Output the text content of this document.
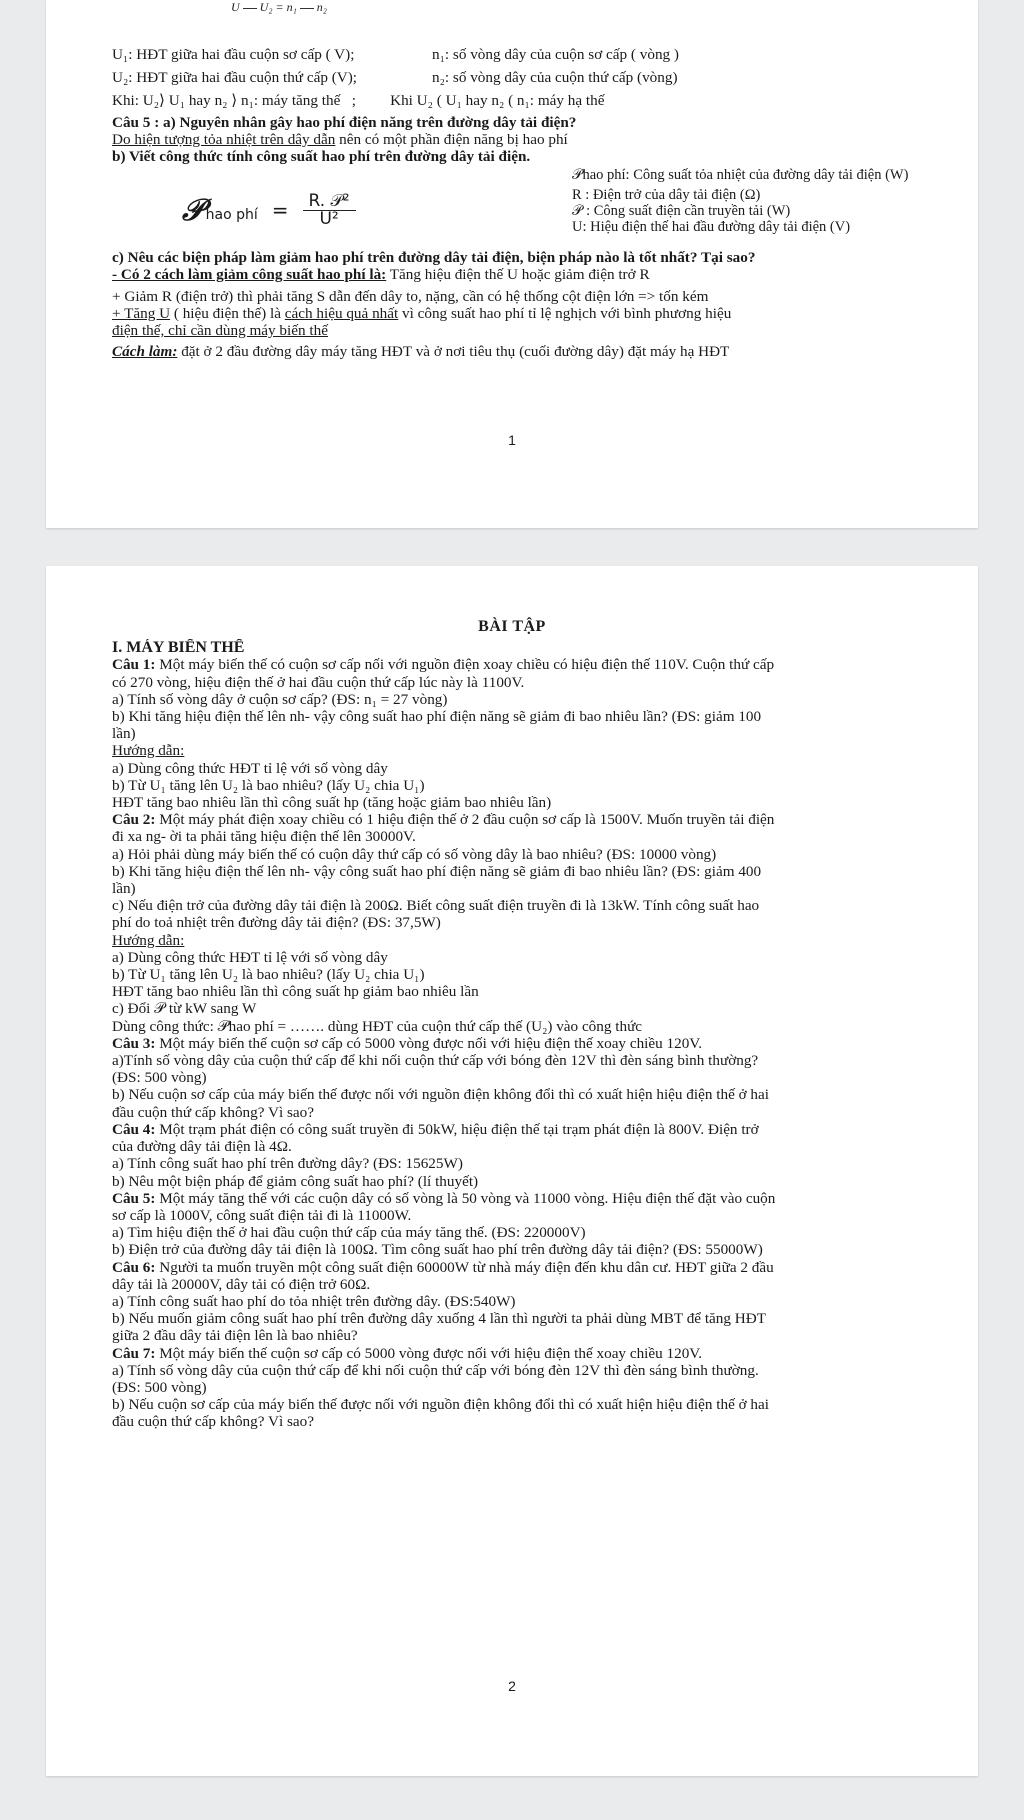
U U₂ = n₁ n₂
U₁: HĐT giữa hai đầu cuộn sơ cấp ( V);	n₁: số vòng dây của cuộn sơ cấp ( vòng )
U₂: HĐT giữa hai đầu cuộn thứ cấp (V);	n₂: số vòng dây của cuộn thứ cấp (vòng)
Khi: U₂⟩ U₁ hay n₂ ⟩ n₁: máy tăng thế   ;         Khi U₂ ( U₁ hay n₂ ( n₁: máy hạ thế
Câu 5 : a) Nguyên nhân gây hao phí điện năng trên đường dây tải điện?
Do hiện tượng tỏa nhiệt trên dây dẫn nên có một phần điện năng bị hao phí
b) Viết công thức tính công suất hao phí trên đường dây tải điện.
𝒫 hao phí = $\frac{\text{R. 𝒫²}}{\text{U²}}$
𝒫hao phí: Công suất tỏa nhiệt của đường dây tải điện (W)
R : Điện trở của dây tải điện (Ω)
𝒫 : Công suất điện cần truyền tải (W)
U: Hiệu điện thế hai đầu đường dây tải điện (V)
c) Nêu các biện pháp làm giảm hao phí trên đường dây tải điện, biện pháp nào là tốt nhất? Tại sao?
- Có 2 cách làm giảm công suất hao phí là: Tăng hiệu điện thế U hoặc giảm điện trở R
+ Giảm R (điện trở) thì phải tăng S dẫn đến dây to, nặng, cần có hệ thống cột điện lớn => tốn kém
+ Tăng U ( hiệu điện thế) là cách hiệu quả nhất vì công suất hao phí tỉ lệ nghịch với bình phương hiệu
điện thế, chỉ cần dùng máy biến thế
Cách làm: đặt ở 2 đầu đường dây máy tăng HĐT và ở nơi tiêu thụ (cuối đường dây) đặt máy hạ HĐT
1
BÀI TẬP
I. MÁY BIẾN THẾ
Câu 1: Một máy biến thế có cuộn sơ cấp nối với nguồn điện xoay chiều có hiệu điện thế 110V. Cuộn thứ cấp
có 270 vòng, hiệu điện thế ở hai đầu cuộn thứ cấp lúc này là 1100V.
a) Tính số vòng dây ở cuộn sơ cấp? (ĐS: n₁ = 27 vòng)
b) Khi tăng hiệu điện thế lên nh- vậy công suất hao phí điện năng sẽ giảm đi bao nhiêu lần? (ĐS: giảm 100
lần)
Hướng dẫn:
a) Dùng công thức HĐT tỉ lệ với số vòng dây
b) Từ U₁ tăng lên U₂ là bao nhiêu? (lấy U₂ chia U₁)
HĐT tăng bao nhiêu lần thì công suất hp (tăng hoặc giảm bao nhiêu lần)
Câu 2: Một máy phát điện xoay chiều có 1 hiệu điện thế ở 2 đầu cuộn sơ cấp là 1500V. Muốn truyền tải điện
đi xa ng- ời ta phải tăng hiệu điện thế lên 30000V.
a) Hỏi phải dùng máy biến thế có cuộn dây thứ cấp có số vòng dây là bao nhiêu? (ĐS: 10000 vòng)
b) Khi tăng hiệu điện thế lên nh- vậy công suất hao phí điện năng sẽ giảm đi bao nhiêu lần? (ĐS: giảm 400
lần)
c) Nếu điện trở của đường dây tải điện là 200Ω. Biết công suất điện truyền đi là 13kW. Tính công suất hao
phí do toả nhiệt trên đường dây tải điện? (ĐS: 37,5W)
Hướng dẫn:
a) Dùng công thức HĐT tỉ lệ với số vòng dây
b) Từ U₁ tăng lên U₂ là bao nhiêu? (lấy U₂ chia U₁)
HĐT tăng bao nhiêu lần thì công suất hp giảm bao nhiêu lần
c) Đổi 𝒫 từ kW sang W
Dùng công thức: 𝒫hao phí = ……. dùng HĐT của cuộn thứ cấp thế (U₂) vào công thức
Câu 3: Một máy biến thế cuộn sơ cấp có 5000 vòng được nối với hiệu điện thế xoay chiều 120V.
a)Tính số vòng dây của cuộn thứ cấp để khi nối cuộn thứ cấp với bóng đèn 12V thì đèn sáng bình thường?
(ĐS: 500 vòng)
b) Nếu cuộn sơ cấp của máy biến thế được nối với nguồn điện không đổi thì có xuất hiện hiệu điện thế ở hai
đầu cuộn thứ cấp không? Vì sao?
Câu 4: Một trạm phát điện có công suất truyền đi 50kW, hiệu điện thế tại trạm phát điện là 800V. Điện trở
của đường dây tải điện là 4Ω.
a) Tính công suất hao phí trên đường dây? (ĐS: 15625W)
b) Nêu một biện pháp để giảm công suất hao phí? (lí thuyết)
Câu 5: Một máy tăng thế với các cuộn dây có số vòng là 50 vòng và 11000 vòng. Hiệu điện thế đặt vào cuộn
sơ cấp là 1000V, công suất điện tải đi là 11000W.
a) Tìm hiệu điện thế ở hai đầu cuộn thứ cấp của máy tăng thế. (ĐS: 220000V)
b) Điện trở của đường dây tải điện là 100Ω. Tìm công suất hao phí trên đường dây tải điện? (ĐS: 55000W)
Câu 6: Người ta muốn truyền một công suất điện 60000W từ nhà máy điện đến khu dân cư. HĐT giữa 2 đầu
dây tải là 20000V, dây tải có điện trở 60Ω.
a) Tính công suất hao phí do tỏa nhiệt trên đường dây. (ĐS:540W)
b) Nếu muốn giảm công suất hao phí trên đường dây xuống 4 lần thì người ta phải dùng MBT để tăng HĐT
giữa 2 đầu dây tải điện lên là bao nhiêu?
Câu 7: Một máy biến thế cuộn sơ cấp có 5000 vòng được nối với hiệu điện thế xoay chiều 120V.
a) Tính số vòng dây của cuộn thứ cấp để khi nối cuộn thứ cấp với bóng đèn 12V thì đèn sáng bình thường.
(ĐS: 500 vòng)
b) Nếu cuộn sơ cấp của máy biến thế được nối với nguồn điện không đổi thì có xuất hiện hiệu điện thế ở hai
đầu cuộn thứ cấp không? Vì sao?
2
